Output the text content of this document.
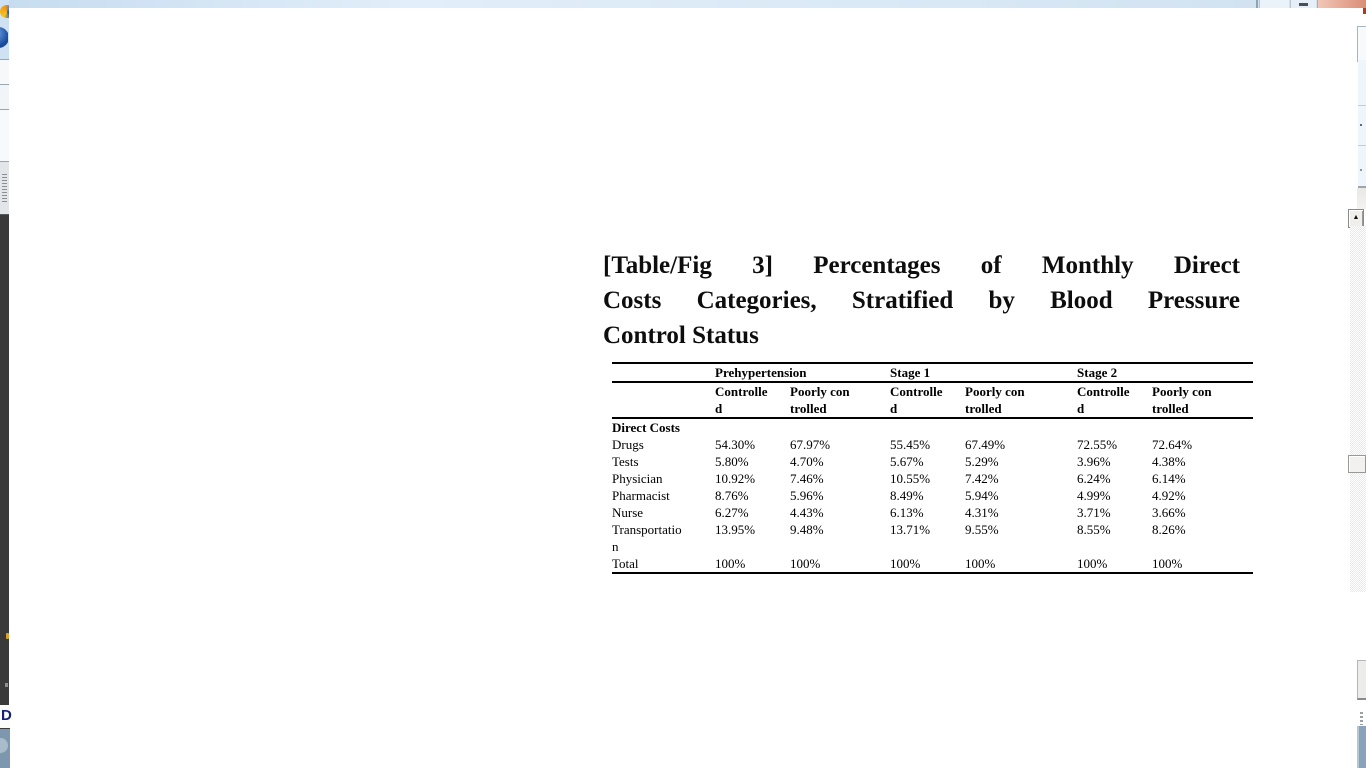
D
▲
[Table/Fig 3] Percentages of Monthly Direct
Costs Categories, Stratified by Blood Pressure
Control Status
	Prehypertension		Stage 1		Stage 2	
	Controlled	Poorly controlled	Controlled	Poorly controlled	Controlled	Poorly controlled
Direct Costs						
Drugs	54.30%	67.97%	55.45%	67.49%	72.55%	72.64%
Tests	5.80%	4.70%	5.67%	5.29%	3.96%	4.38%
Physician	10.92%	7.46%	10.55%	7.42%	6.24%	6.14%
Pharmacist	8.76%	5.96%	8.49%	5.94%	4.99%	4.92%
Nurse	6.27%	4.43%	6.13%	4.31%	3.71%	3.66%
Transportation	13.95%	9.48%	13.71%	9.55%	8.55%	8.26%
Total	100%	100%	100%	100%	100%	100%
